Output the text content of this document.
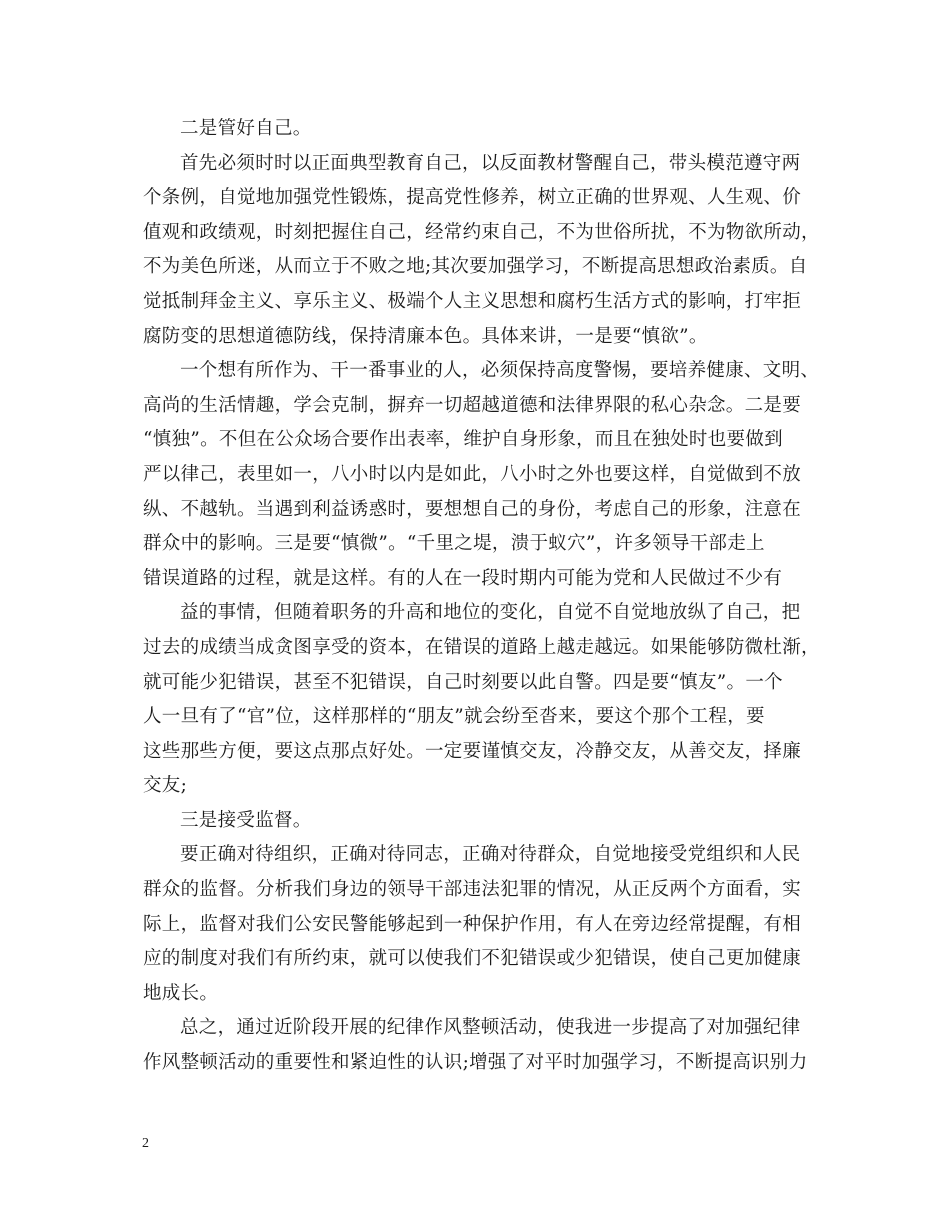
二是管好自己。
首先必须时时以正面典型教育自己，以反面教材警醒自己，带头模范遵守两
个条例，自觉地加强党性锻炼，提高党性修养，树立正确的世界观、人生观、价
值观和政绩观，时刻把握住自己，经常约束自己，不为世俗所扰，不为物欲所动，
不为美色所迷，从而立于不败之地;其次要加强学习，不断提高思想政治素质。自
觉抵制拜金主义、享乐主义、极端个人主义思想和腐朽生活方式的影响，打牢拒
腐防变的思想道德防线，保持清廉本色。具体来讲，一是要“慎欲”。
一个想有所作为、干一番事业的人，必须保持高度警惕，要培养健康、文明、
高尚的生活情趣，学会克制，摒弃一切超越道德和法律界限的私心杂念。二是要
“慎独”。不但在公众场合要作出表率，维护自身形象，而且在独处时也要做到
严以律己，表里如一，八小时以内是如此，八小时之外也要这样，自觉做到不放
纵、不越轨。当遇到利益诱惑时，要想想自己的身份，考虑自己的形象，注意在
群众中的影响。三是要“慎微”。“千里之堤，溃于蚁穴”，许多领导干部走上
错误道路的过程，就是这样。有的人在一段时期内可能为党和人民做过不少有
益的事情，但随着职务的升高和地位的变化，自觉不自觉地放纵了自己，把
过去的成绩当成贪图享受的资本，在错误的道路上越走越远。如果能够防微杜渐，
就可能少犯错误，甚至不犯错误，自己时刻要以此自警。四是要“慎友”。一个
人一旦有了“官”位，这样那样的“朋友”就会纷至沓来，要这个那个工程，要
这些那些方便，要这点那点好处。一定要谨慎交友，冷静交友，从善交友，择廉
交友;
三是接受监督。
要正确对待组织，正确对待同志，正确对待群众，自觉地接受党组织和人民
群众的监督。分析我们身边的领导干部违法犯罪的情况，从正反两个方面看，实
际上，监督对我们公安民警能够起到一种保护作用，有人在旁边经常提醒，有相
应的制度对我们有所约束，就可以使我们不犯错误或少犯错误，使自己更加健康
地成长。
总之，通过近阶段开展的纪律作风整顿活动，使我进一步提高了对加强纪律
作风整顿活动的重要性和紧迫性的认识;增强了对平时加强学习，不断提高识别力
2
